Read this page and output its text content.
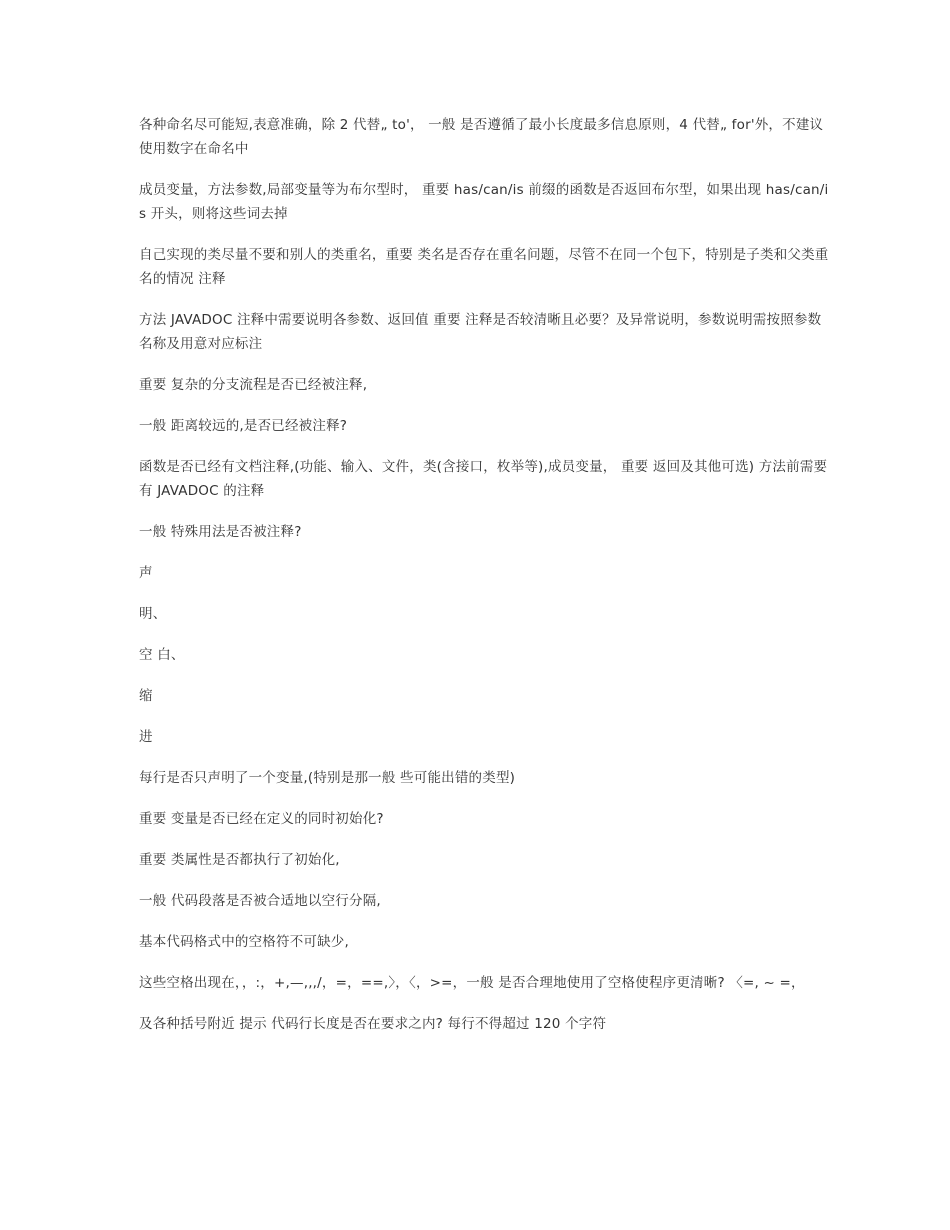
各种命名尽可能短,表意准确，除 2 代替„ to'， 一般 是否遵循了最小长度最多信息原则，4 代替„ for'外，不建议使用数字在命名中

成员变量，方法参数,局部变量等为布尔型时， 重要 has/can/is 前缀的函数是否返回布尔型，如果出现 has/can/is 开头，则将这些词去掉

自己实现的类尽量不要和别人的类重名，重要 类名是否存在重名问题，尽管不在同一个包下，特别是子类和父类重名的情况 注释

方法 JAVADOC 注释中需要说明各参数、返回值 重要 注释是否较清晰且必要？及异常说明，参数说明需按照参数名称及用意对应标注

重要 复杂的分支流程是否已经被注释,

一般 距离较远的,是否已经被注释?

函数是否已经有文档注释,(功能、输入、文件，类(含接口，枚举等),成员变量， 重要 返回及其他可选) 方法前需要有 JAVADOC 的注释

一般 特殊用法是否被注释?

声

明、

空 白、

缩

进

每行是否只声明了一个变量,(特别是那一般 些可能出错的类型)

重要 变量是否已经在定义的同时初始化?

重要 类属性是否都执行了初始化,

一般 代码段落是否被合适地以空行分隔,

基本代码格式中的空格符不可缺少,

这些空格出现在，，:，+,—,,,/，=，==,〉，〈，>=，一般 是否合理地使用了空格使程序更清晰? 〈=, ~ =，

及各种括号附近 提示 代码行长度是否在要求之内? 每行不得超过 120 个字符
